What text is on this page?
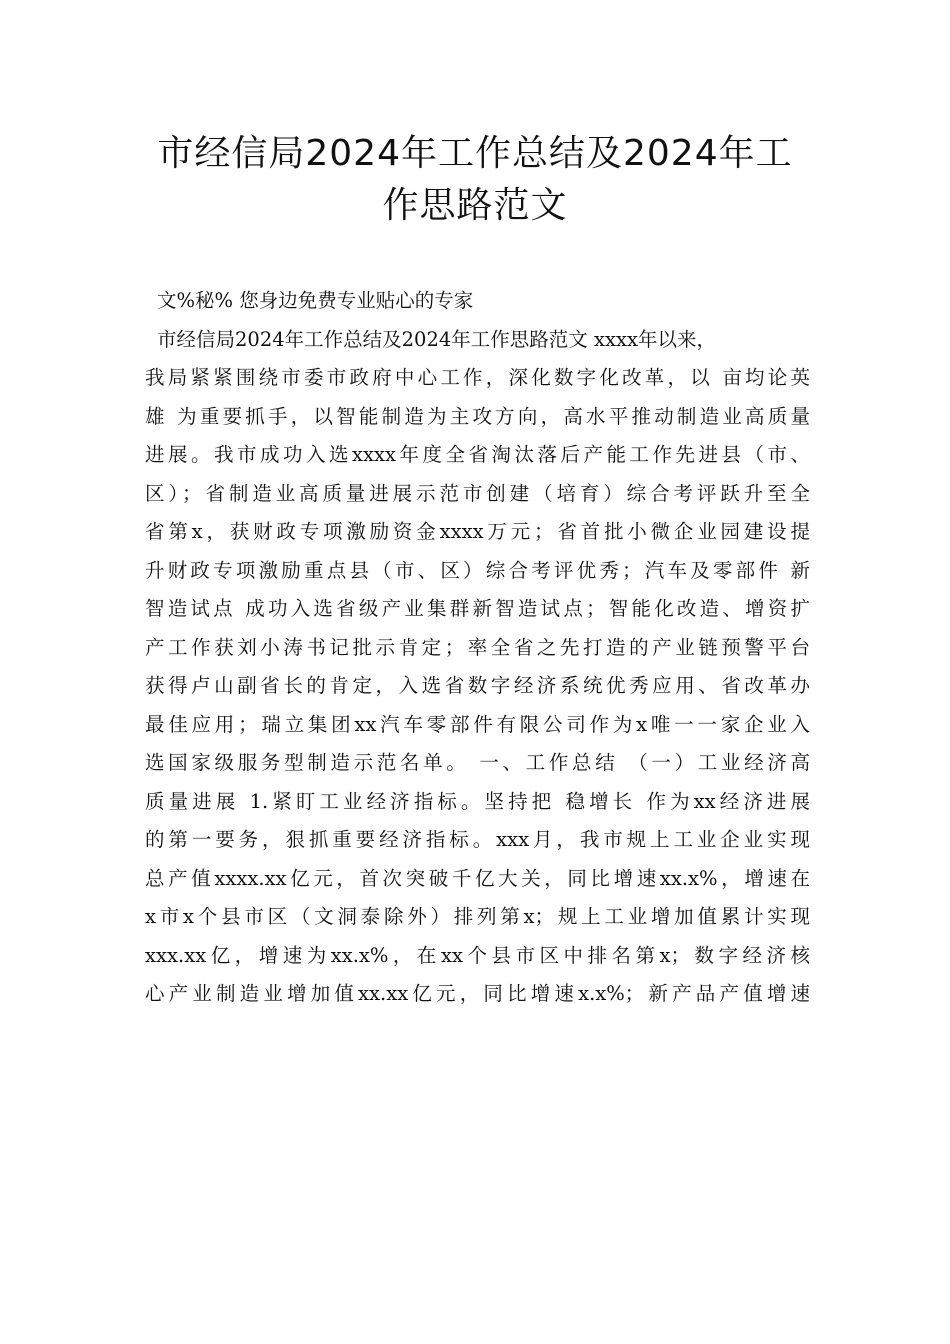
市经信局2024年工作总结及2024年工
作思路范文
文%秘% 您身边免费专业贴心的专家
市经信局2024年工作总结及2024年工作思路范文 xxxx年以来，
我局紧紧围绕市委市政府中心工作，深化数字化改革，以 亩均论英
雄 为重要抓手，以智能制造为主攻方向，高水平推动制造业高质量
进展。我市成功入选xxxx年度全省淘汰落后产能工作先进县（市、
区）；省制造业高质量进展示范市创建（培育）综合考评跃升至全
省第x，获财政专项激励资金xxxx万元；省首批小微企业园建设提
升财政专项激励重点县（市、区）综合考评优秀；汽车及零部件 新
智造试点 成功入选省级产业集群新智造试点；智能化改造、增资扩
产工作获刘小涛书记批示肯定；率全省之先打造的产业链预警平台
获得卢山副省长的肯定，入选省数字经济系统优秀应用、省改革办
最佳应用；瑞立集团xx汽车零部件有限公司作为x唯一一家企业入
选国家级服务型制造示范名单。 一、工作总结 （一）工业经济高
质量进展 1.紧盯工业经济指标。坚持把 稳增长 作为xx经济进展
的第一要务，狠抓重要经济指标。xxx月，我市规上工业企业实现
总产值xxxx.xx亿元，首次突破千亿大关，同比增速xx.x%，增速在
x市x个县市区（文洞泰除外）排列第x；规上工业增加值累计实现
xxx.xx亿，增速为xx.x%，在xx个县市区中排名第x；数字经济核
心产业制造业增加值xx.xx亿元，同比增速x.x%；新产品产值增速
